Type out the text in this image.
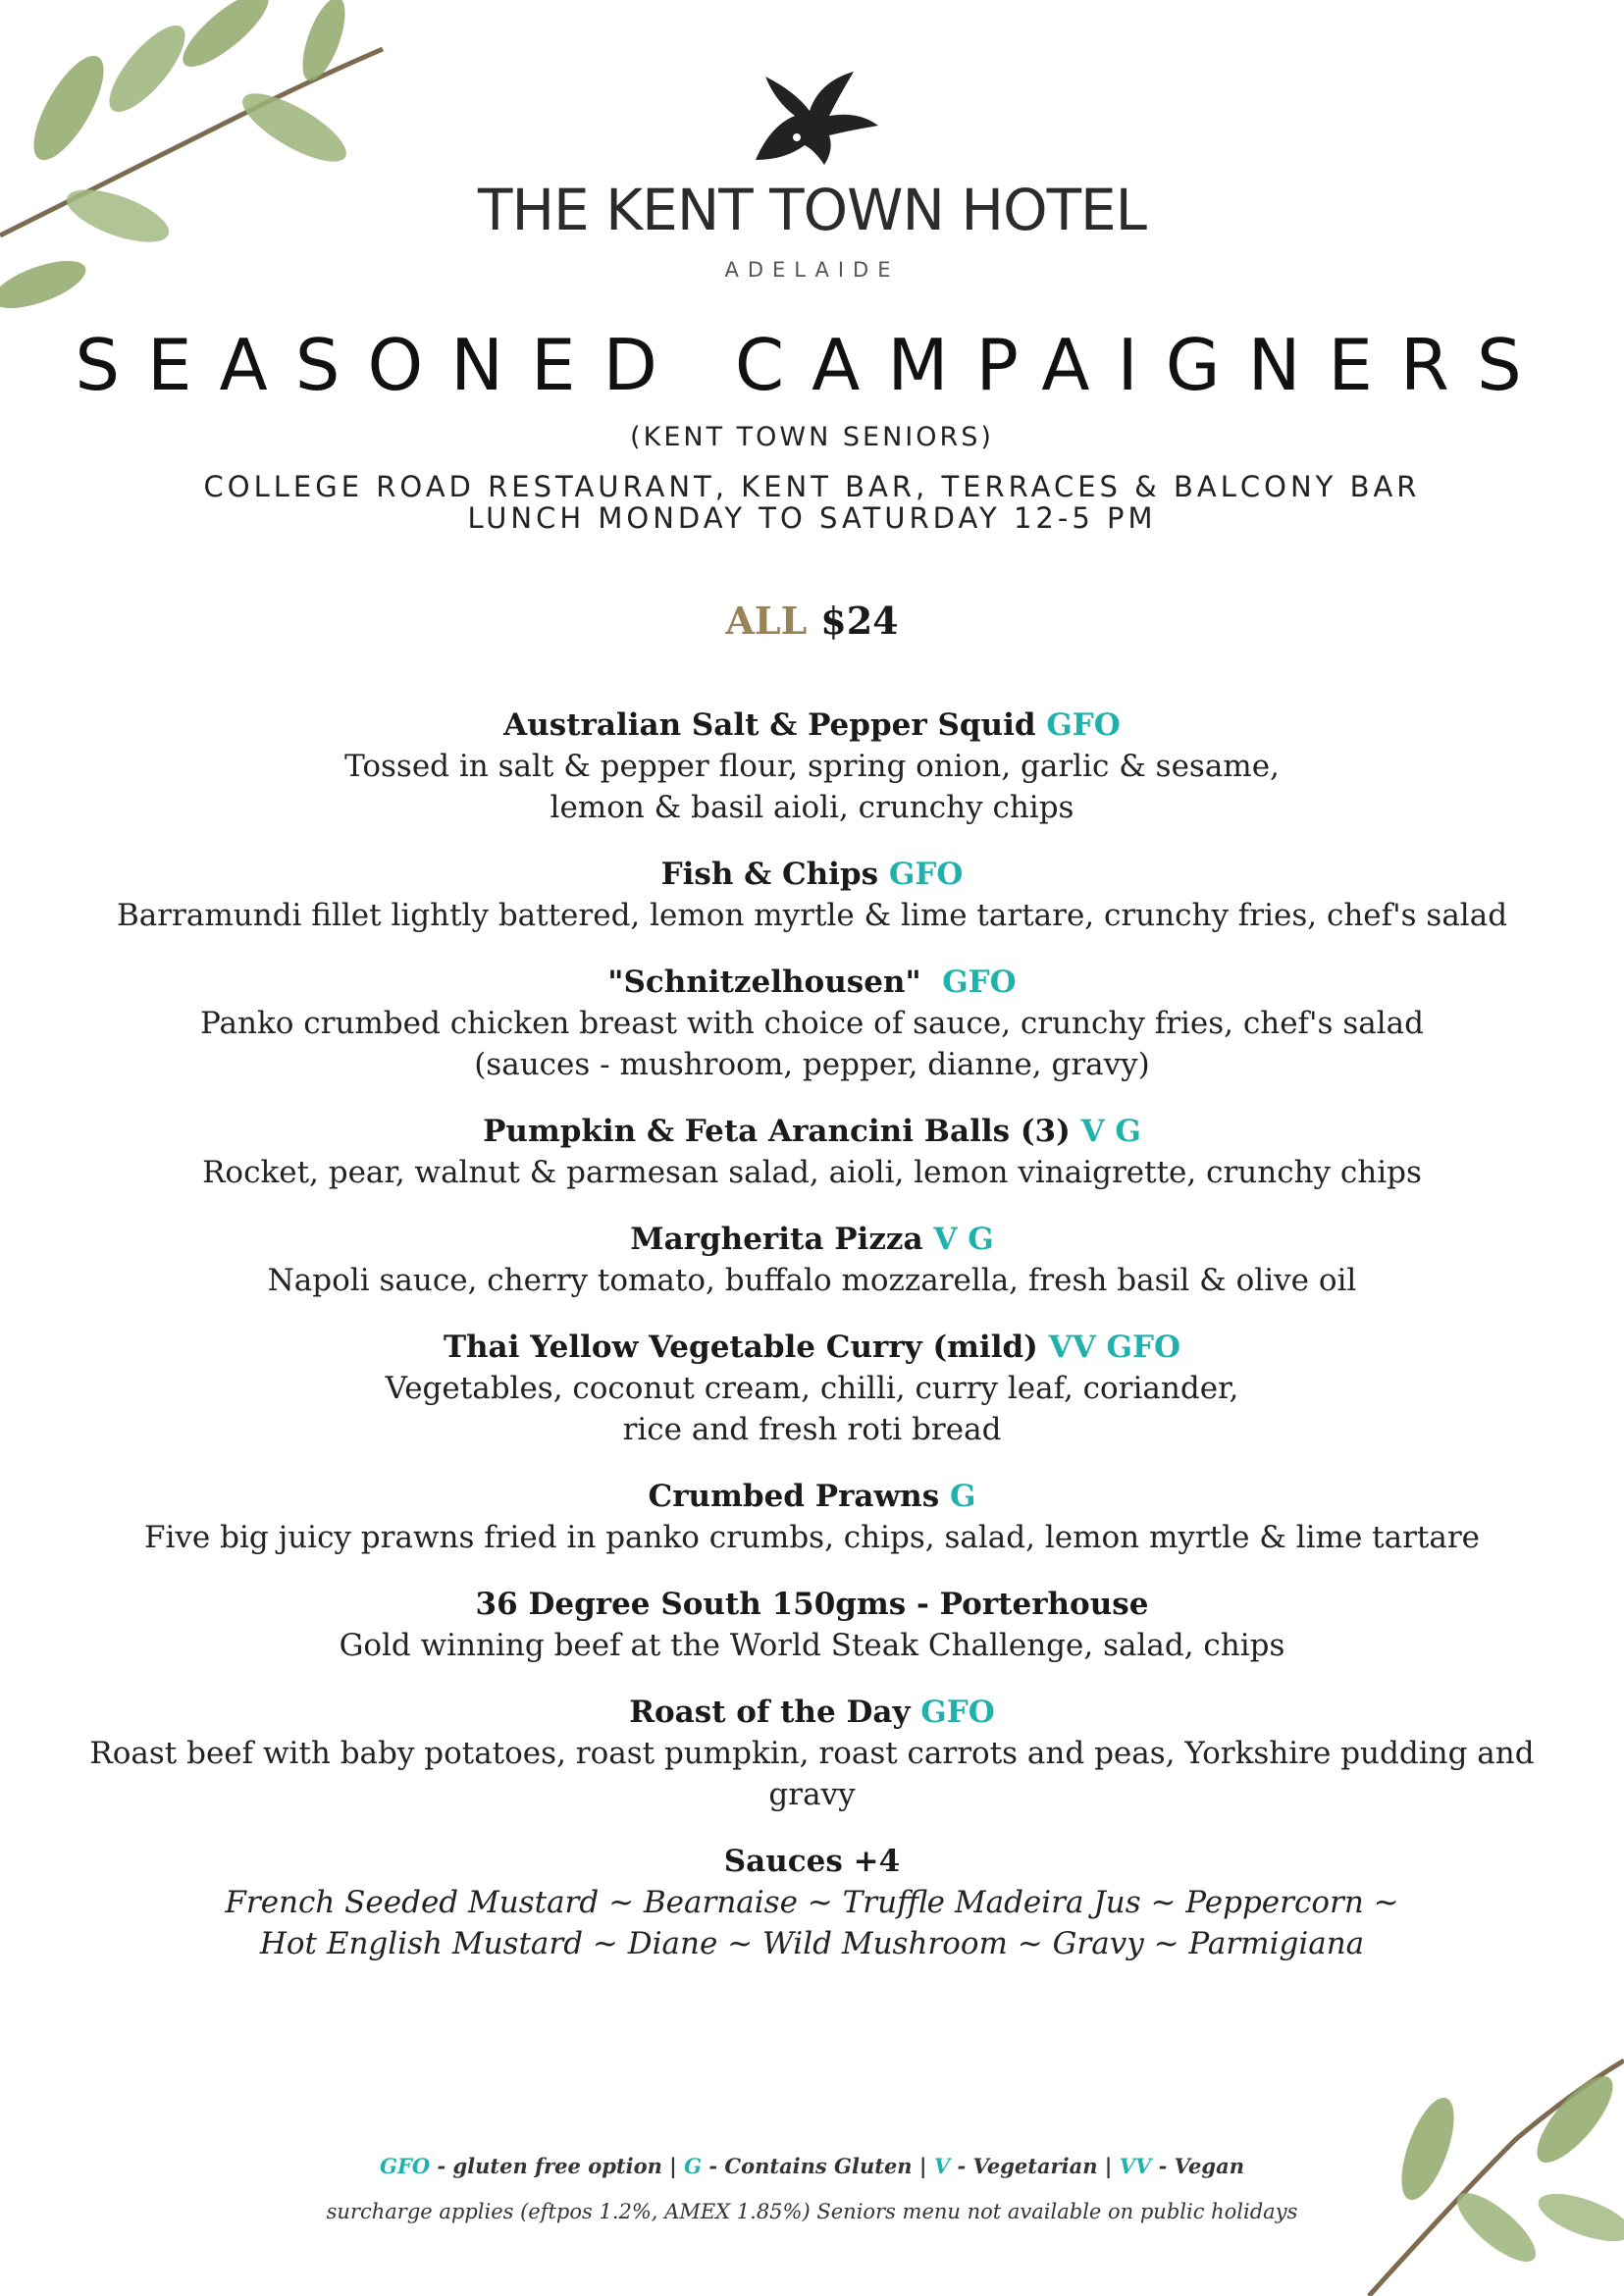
THE KENT TOWN HOTEL
ADELAIDE
SEASONED CAMPAIGNERS
(KENT TOWN SENIORS)
COLLEGE ROAD RESTAURANT, KENT BAR, TERRACES & BALCONY BAR
LUNCH MONDAY TO SATURDAY 12-5 PM
ALL $24
Australian Salt & Pepper Squid GFO
Tossed in salt & pepper flour, spring onion, garlic & sesame,
lemon & basil aioli, crunchy chips
Fish & Chips GFO
Barramundi fillet lightly battered, lemon myrtle & lime tartare, crunchy fries, chef's salad
"Schnitzelhousen" GFO
Panko crumbed chicken breast with choice of sauce, crunchy fries, chef's salad
(sauces - mushroom, pepper, dianne, gravy)
Pumpkin & Feta Arancini Balls (3) V G
Rocket, pear, walnut & parmesan salad, aioli, lemon vinaigrette, crunchy chips
Margherita Pizza V G
Napoli sauce, cherry tomato, buffalo mozzarella, fresh basil & olive oil
Thai Yellow Vegetable Curry (mild) VV GFO
Vegetables, coconut cream, chilli, curry leaf, coriander,
rice and fresh roti bread
Crumbed Prawns G
Five big juicy prawns fried in panko crumbs, chips, salad, lemon myrtle & lime tartare
36 Degree South 150gms - Porterhouse
Gold winning beef at the World Steak Challenge, salad, chips
Roast of the Day GFO
Roast beef with baby potatoes, roast pumpkin, roast carrots and peas, Yorkshire pudding and
gravy
Sauces +4
French Seeded Mustard ~ Bearnaise ~ Truffle Madeira Jus ~ Peppercorn ~
Hot English Mustard ~ Diane ~ Wild Mushroom ~ Gravy ~ Parmigiana
GFO - gluten free option | G - Contains Gluten | V - Vegetarian | VV - Vegan
surcharge applies (eftpos 1.2%, AMEX 1.85%) Seniors menu not available on public holidays
